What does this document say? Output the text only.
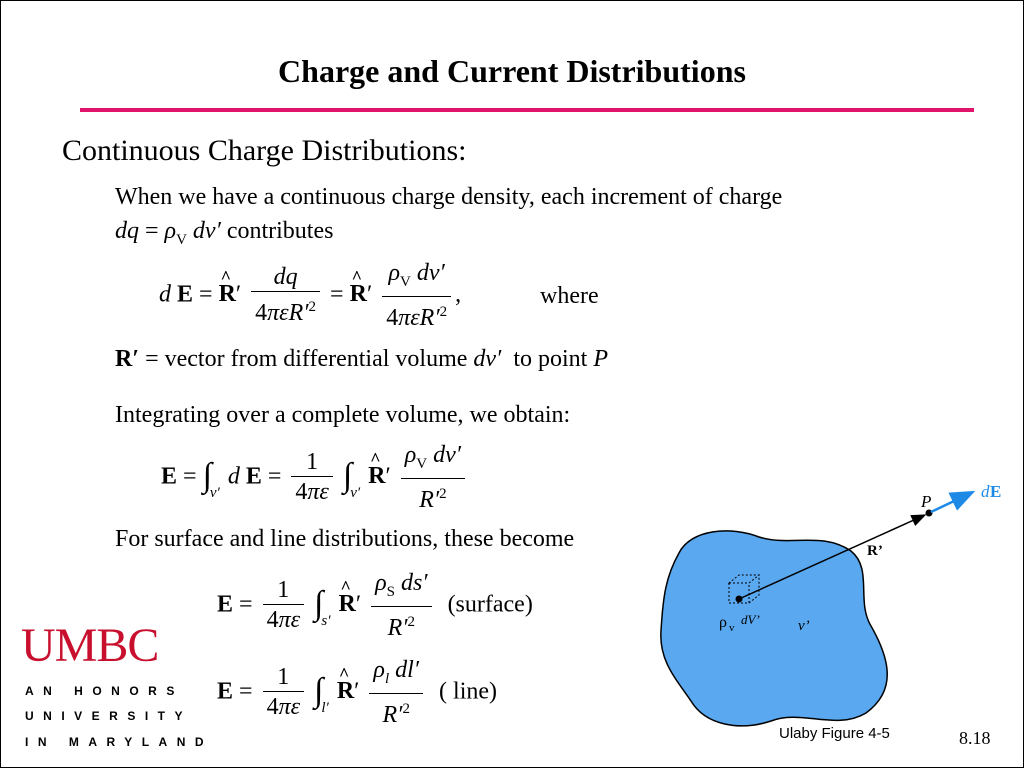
Charge and Current Distributions
Continuous Charge Distributions:
When we have a continuous charge density, each increment of charge
dq = $\rho_V$ dv′ contributes
d E = ^ $R' \frac{dq}{4\pi\varepsilon R'^2}$ = ^ $R' \frac{\rho_V dv'}{4\pi\varepsilon R'^2}$ ,	where
R′ = vector from differential volume dv′ to point P
Integrating over a complete volume, we obtain:
$E = \int_{v'}$ d $E = \frac{1}{4\pi\varepsilon} \int_{v'}$ ^ $R' \frac{\rho_V dv'}{R'^2}$
For surface and line distributions, these become
$E = \frac{1}{4\pi\varepsilon} \int_{s'}$ ^ $R' \frac{\rho_S ds'}{R'^2}$ (surface)
$E = \frac{1}{4\pi\varepsilon} \int_{l'}$ ^ $R' \frac{\rho_l dl'}{R'^2}$ ( line)
P
d E
R’
ρ v
dV’	v’
UMBC
AN HONORS
UNIVERSITY
IN MARYLAND	Ulaby Figure 4-5	8.18
